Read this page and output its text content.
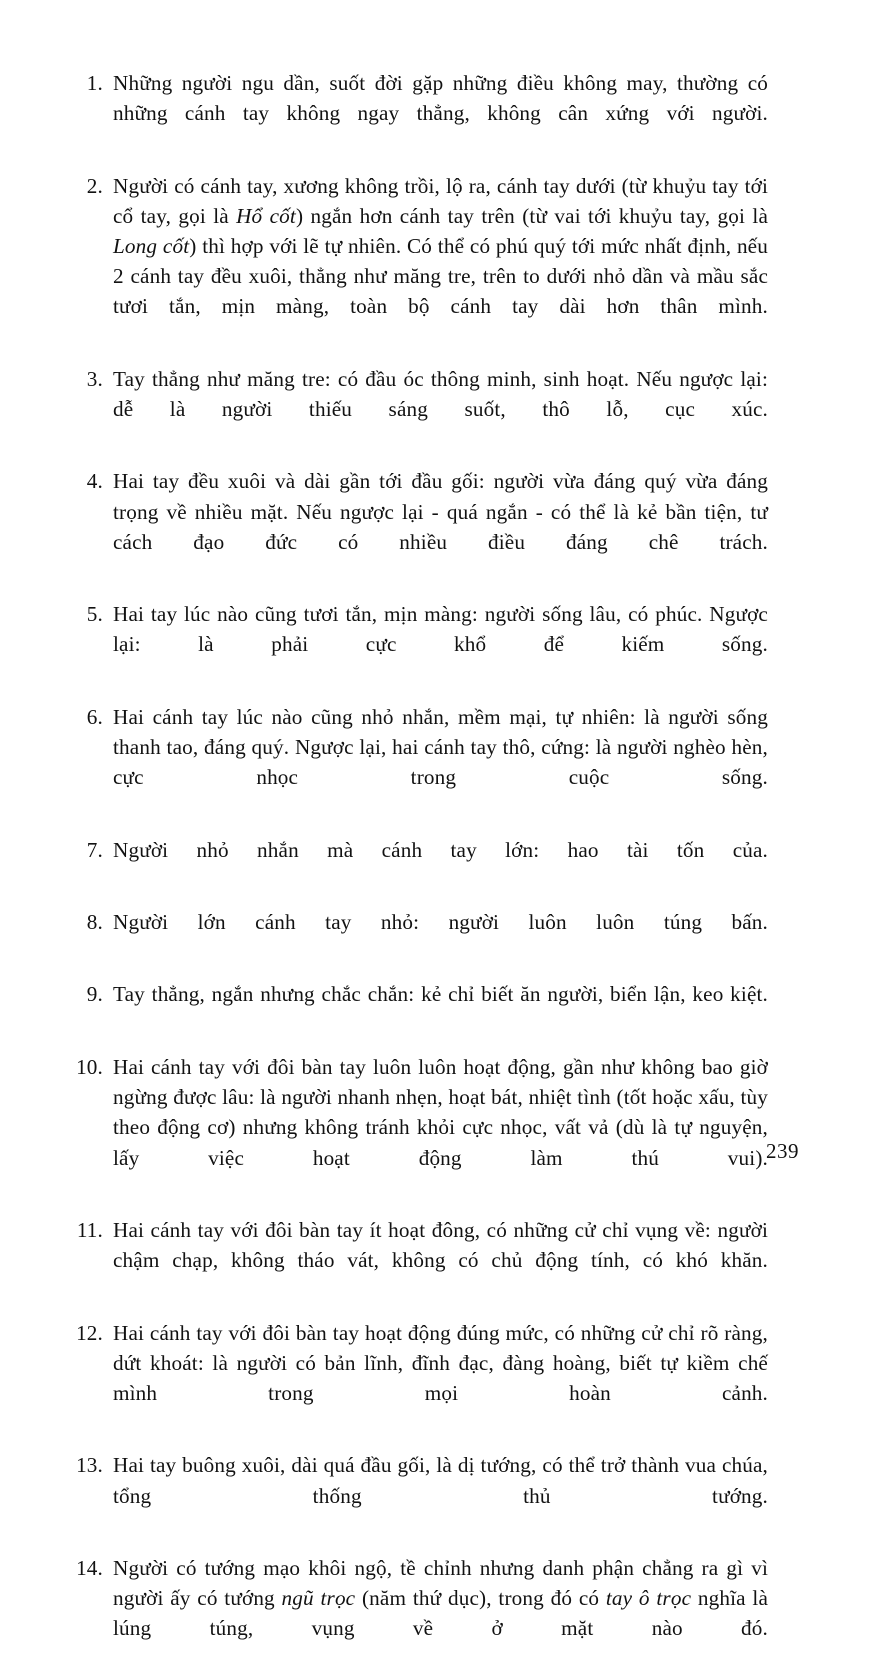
1. Những người ngu dần, suốt đời gặp những điều không may, thường có những cánh tay không ngay thẳng, không cân xứng với người.
2. Người có cánh tay, xương không trồi, lộ ra, cánh tay dưới (từ khuỷu tay tới cổ tay, gọi là Hổ cốt) ngắn hơn cánh tay trên (từ vai tới khuỷu tay, gọi là Long cốt) thì hợp với lẽ tự nhiên. Có thể có phú quý tới mức nhất định, nếu 2 cánh tay đều xuôi, thẳng như măng tre, trên to dưới nhỏ dần và mầu sắc tươi tắn, mịn màng, toàn bộ cánh tay dài hơn thân mình.
3. Tay thẳng như măng tre: có đầu óc thông minh, sinh hoạt. Nếu ngược lại: dễ là người thiếu sáng suốt, thô lỗ, cục xúc.
4. Hai tay đều xuôi và dài gần tới đầu gối: người vừa đáng quý vừa đáng trọng về nhiều mặt. Nếu ngược lại - quá ngắn - có thể là kẻ bần tiện, tư cách đạo đức có nhiều điều đáng chê trách.
5. Hai tay lúc nào cũng tươi tắn, mịn màng: người sống lâu, có phúc. Ngược lại: là phải cực khổ để kiếm sống.
6. Hai cánh tay lúc nào cũng nhỏ nhắn, mềm mại, tự nhiên: là người sống thanh tao, đáng quý. Ngược lại, hai cánh tay thô, cứng: là người nghèo hèn, cực nhọc trong cuộc sống.
7. Người nhỏ nhắn mà cánh tay lớn: hao tài tốn của.
8. Người lớn cánh tay nhỏ: người luôn luôn túng bấn.
9. Tay thẳng, ngắn nhưng chắc chắn: kẻ chỉ biết ăn người, biển lận, keo kiệt.
10. Hai cánh tay với đôi bàn tay luôn luôn hoạt động, gần như không bao giờ ngừng được lâu: là người nhanh nhẹn, hoạt bát, nhiệt tình (tốt hoặc xấu, tùy theo động cơ) nhưng không tránh khỏi cực nhọc, vất vả (dù là tự nguyện, lấy việc hoạt động làm thú vui).
11. Hai cánh tay với đôi bàn tay ít hoạt đông, có những cử chỉ vụng về: người chậm chạp, không tháo vát, không có chủ động tính, có khó khăn.
12. Hai cánh tay với đôi bàn tay hoạt động đúng mức, có những cử chỉ rõ ràng, dứt khoát: là người có bản lĩnh, đĩnh đạc, đàng hoàng, biết tự kiềm chế mình trong mọi hoàn cảnh.
13. Hai tay buông xuôi, dài quá đầu gối, là dị tướng, có thể trở thành vua chúa, tổng thống thủ tướng.
14. Người có tướng mạo khôi ngộ, tề chỉnh nhưng danh phận chẳng ra gì vì người ấy có tướng ngũ trọc (năm thứ dục), trong đó có tay ô trọc nghĩa là lúng túng, vụng về ở mặt nào đó.
239
